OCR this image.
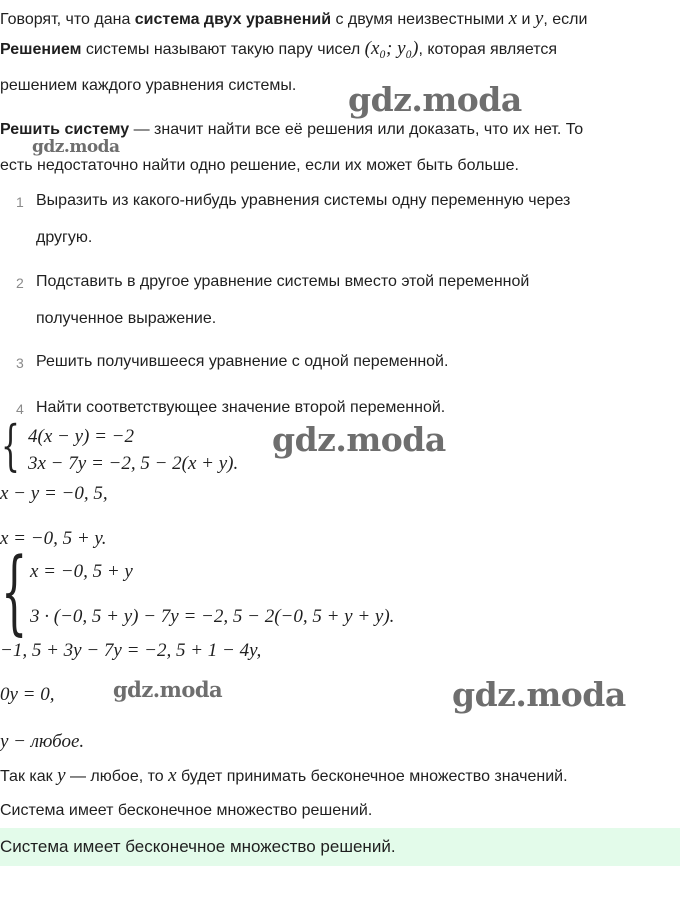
Говорят, что дана система двух уравнений с двумя неизвестными x и y, если
Решением системы называют такую пару чисел (x₀; y₀), которая является
решением каждого уравнения системы.
Решить систему — значит найти все её решения или доказать, что их нет. То
есть недостаточно найти одно решение, если их может быть больше.
1 Выразить из какого-нибудь уравнения системы одну переменную через
другую.
2 Подставить в другое уравнение системы вместо этой переменной
полученное выражение.
3 Решить получившееся уравнение с одной переменной.
4 Найти соответствующее значение второй переменной.
{ 4(x − y) = −2
3x − 7y = −2, 5 − 2(x + y).
x − y = −0, 5,
x = −0, 5 + y.
{ x = −0, 5 + y
3 · (−0, 5 + y) − 7y = −2, 5 − 2(−0, 5 + y + y).
−1, 5 + 3y − 7y = −2, 5 + 1 − 4y,
0y = 0,
y − любое.
Так как y — любое, то x будет принимать бесконечное множество значений.
Система имеет бесконечное множество решений.
Система имеет бесконечное множество решений.
gdz.moda
gdz.moda
gdz.moda
gdz.moda	gdz.moda
